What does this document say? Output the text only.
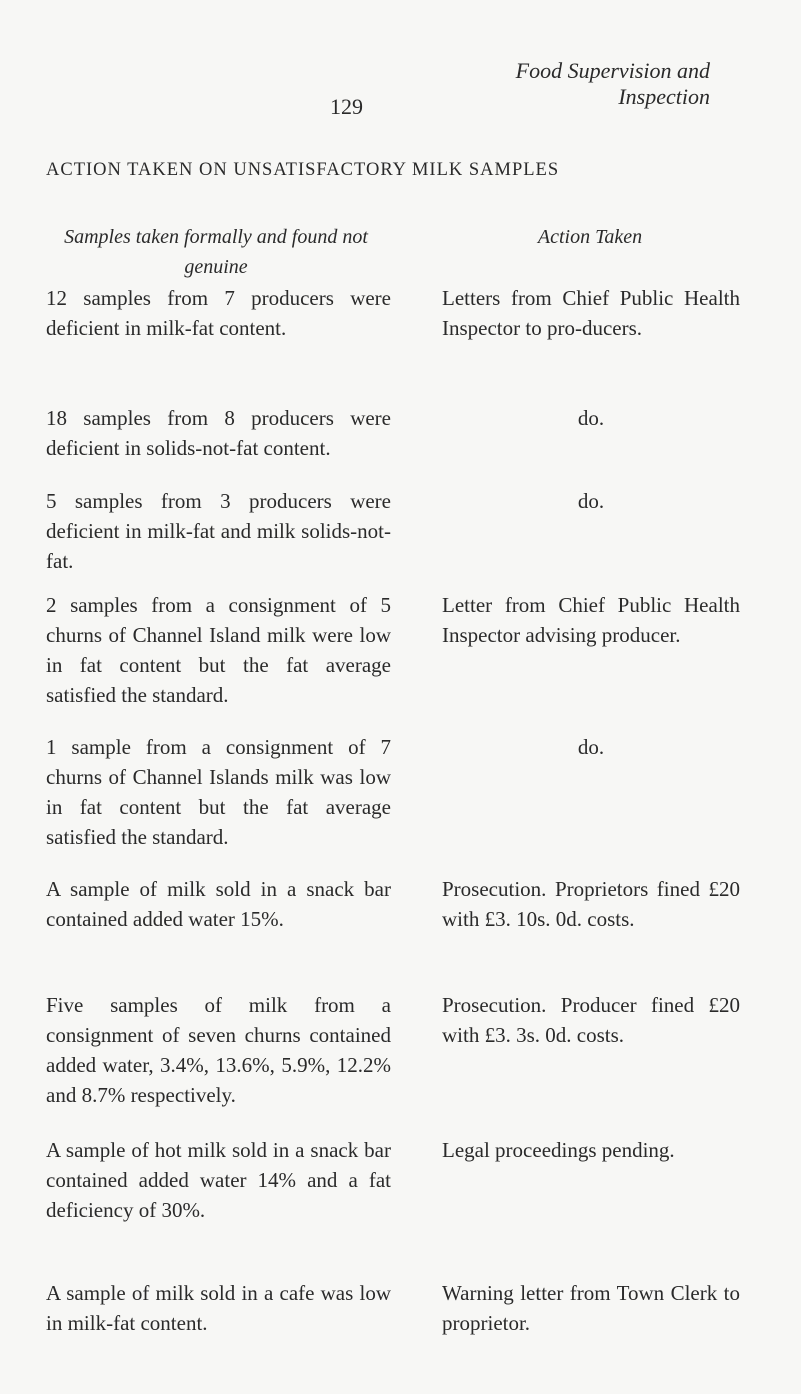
Food Supervision and Inspection
129
ACTION TAKEN ON UNSATISFACTORY MILK SAMPLES
Samples taken formally and found not genuine
Action Taken
12 samples from 7 producers were deficient in milk-fat content.
Letters from Chief Public Health Inspector to pro-ducers.
18 samples from 8 producers were deficient in solids-not-fat content.
do.
5 samples from 3 producers were deficient in milk-fat and milk solids-not-fat.
do.
2 samples from a consignment of 5 churns of Channel Island milk were low in fat content but the fat average satisfied the standard.
Letter from Chief Public Health Inspector advising producer.
1 sample from a consignment of 7 churns of Channel Islands milk was low in fat content but the fat average satisfied the standard.
do.
A sample of milk sold in a snack bar contained added water 15%.
Prosecution. Proprietors fined £20 with £3. 10s. 0d. costs.
Five samples of milk from a consignment of seven churns contained added water, 3.4%, 13.6%, 5.9%, 12.2% and 8.7% respectively.
Prosecution. Producer fined £20 with £3. 3s. 0d. costs.
A sample of hot milk sold in a snack bar contained added water 14% and a fat deficiency of 30%.
Legal proceedings pending.
A sample of milk sold in a cafe was low in milk-fat content.
Warning letter from Town Clerk to proprietor.
